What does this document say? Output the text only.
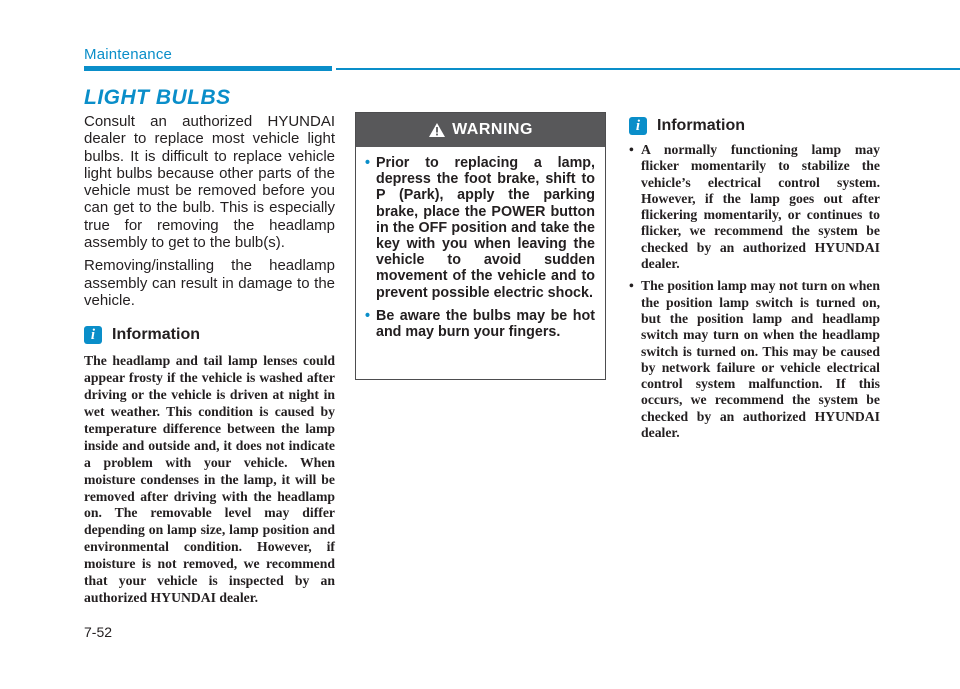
Maintenance
LIGHT BULBS

Consult an authorized HYUNDAI dealer to replace most vehicle light bulbs. It is difficult to replace vehicle light bulbs because other parts of the vehicle must be removed before you can get to the bulb. This is especially true for removing the headlamp assembly to get to the bulb(s).

Removing/installing the headlamp assembly can result in damage to the vehicle.

i	Information

The headlamp and tail lamp lenses could appear frosty if the vehicle is washed after driving or the vehicle is driven at night in wet weather. This condition is caused by temperature difference between the lamp inside and outside and, it does not indicate a problem with your vehicle. When moisture condenses in the lamp, it will be removed after driving with the headlamp on. The removable level may differ depending on lamp size, lamp position and environmental condition. However, if moisture is not removed, we recommend that your vehicle is inspected by an authorized HYUNDAI dealer.

WARNING
• Prior to replacing a lamp, depress the foot brake, shift to P (Park), apply the parking brake, place the POWER button in the OFF position and take the key with you when leaving the vehicle to avoid sudden movement of the vehicle and to prevent possible electric shock.
• Be aware the bulbs may be hot and may burn your fingers.
i	Information
• A normally functioning lamp may flicker momentarily to stabilize the vehicle’s electrical control system. However, if the lamp goes out after flickering momentarily, or continues to flicker, we recommend the system be checked by an authorized HYUNDAI dealer.
• The position lamp may not turn on when the position lamp switch is turned on, but the position lamp and headlamp switch may turn on when the headlamp switch is turned on. This may be caused by network failure or vehicle electrical control system malfunction. If this occurs, we recommend the system be checked by an authorized HYUNDAI dealer.
7-52
